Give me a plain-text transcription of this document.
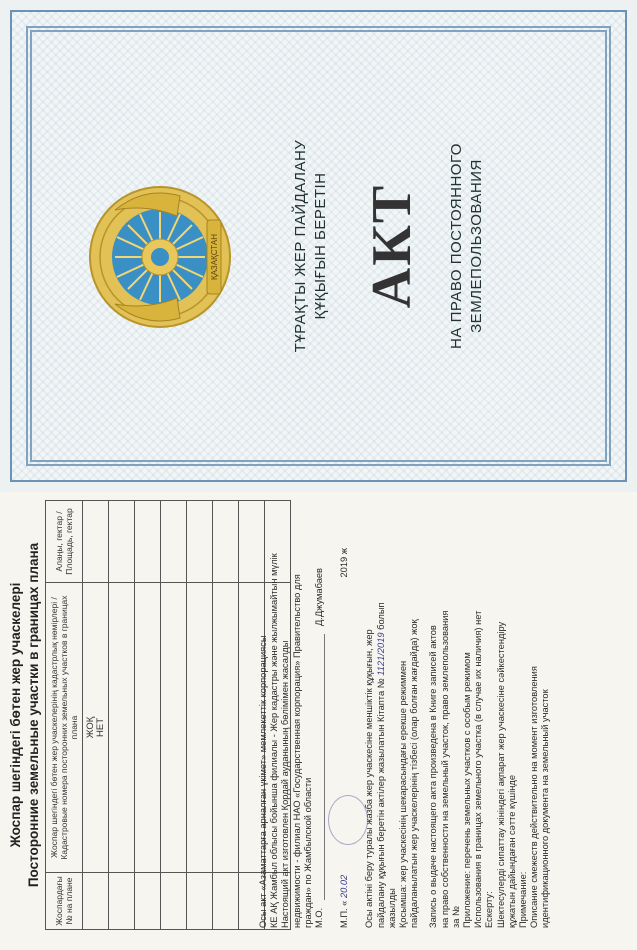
Жоспар шегіндегі бөтен жер учаскелері Посторонние земельные участки в границах плана
Жоспардағы № на плане	Жоспар шегіндегі бөтен жер учаскелерінің кадастрлық нөмірлері / Кадастровые номера посторонних земельных участков в границах плана	Алаңы, гектар / Площадь, гектар
	ЖОҚ
НЕТ	

			Осы акт «Азаматтарға арналған үкімет» мемлекеттік корпорациясы КЕ АҚ Жамбыл облысы бойынша филиалы - Жер кадастры және жылжымайтын мүлік Настоящий акт изготовлен Қордай ауданының бөлімімен жасалды недвижимости - филиал НАО «Государственная корпорация» Правительство для граждан» по Жамбылской области М.О.
Д.Джумабаев

М.П. « 20.02
2019 ж

Осы актіні беру туралы жазба жер учаскесіне меншіктік құқығын, жер пайдалану құқығын беретін актілер жазылатын Кітапта № 1121/2019 болып
жазылды Қосымша: жер учаскесінің шекарасындағы ерекше режиммен пайдаланылатын жер учаскелерінің тізбесі (олар болған жағдайда) жоқ Запись о выдаче настоящего акта произведена в Книге записей актов на право собственности на земельный участок, право землепользования за № Приложение: перечень земельных участков с особым режимом Использования в границах земельного участка (в случае их наличия) нет Ескерту: Шектесулерді сипаттау жініндегі ақпарат жер учаскесіне сәйкестендіру құжатын дайындаған сәтте күшінде Примечание: Описание смежеств действительно на момент изготовления идентификационного документа на земельный участок

ҚАЗАҚСТАН	ТҰРАҚТЫ ЖЕР ПАЙДАЛАНУ ҚҰҚЫҒЫН БЕРЕТІН АКТ НА ПРАВО ПОСТОЯННОГО ЗЕМЛЕПОЛЬЗОВАНИЯ
